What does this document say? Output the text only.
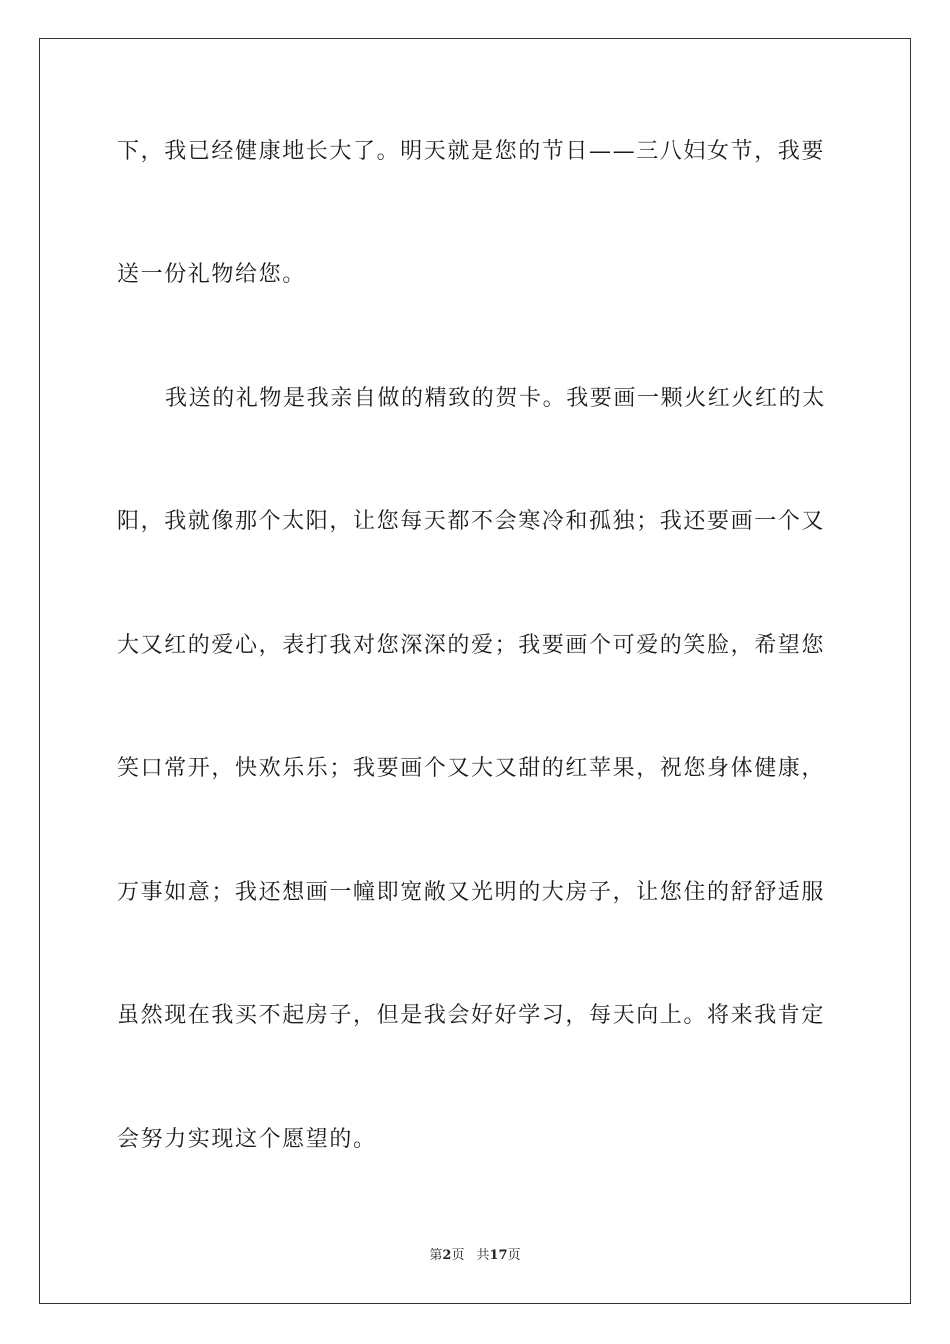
下，我已经健康地长大了。明天就是您的节日——三八妇女节，我要
送一份礼物给您。
我送的礼物是我亲自做的精致的贺卡。我要画一颗火红火红的太
阳，我就像那个太阳，让您每天都不会寒冷和孤独；我还要画一个又
大又红的爱心，表打我对您深深的爱；我要画个可爱的笑脸，希望您
笑口常开，快欢乐乐；我要画个又大又甜的红苹果，祝您身体健康，
万事如意；我还想画一幢即宽敞又光明的大房子，让您住的舒舒适服
虽然现在我买不起房子，但是我会好好学习，每天向上。将来我肯定
会努力实现这个愿望的。
第2页 共17页
